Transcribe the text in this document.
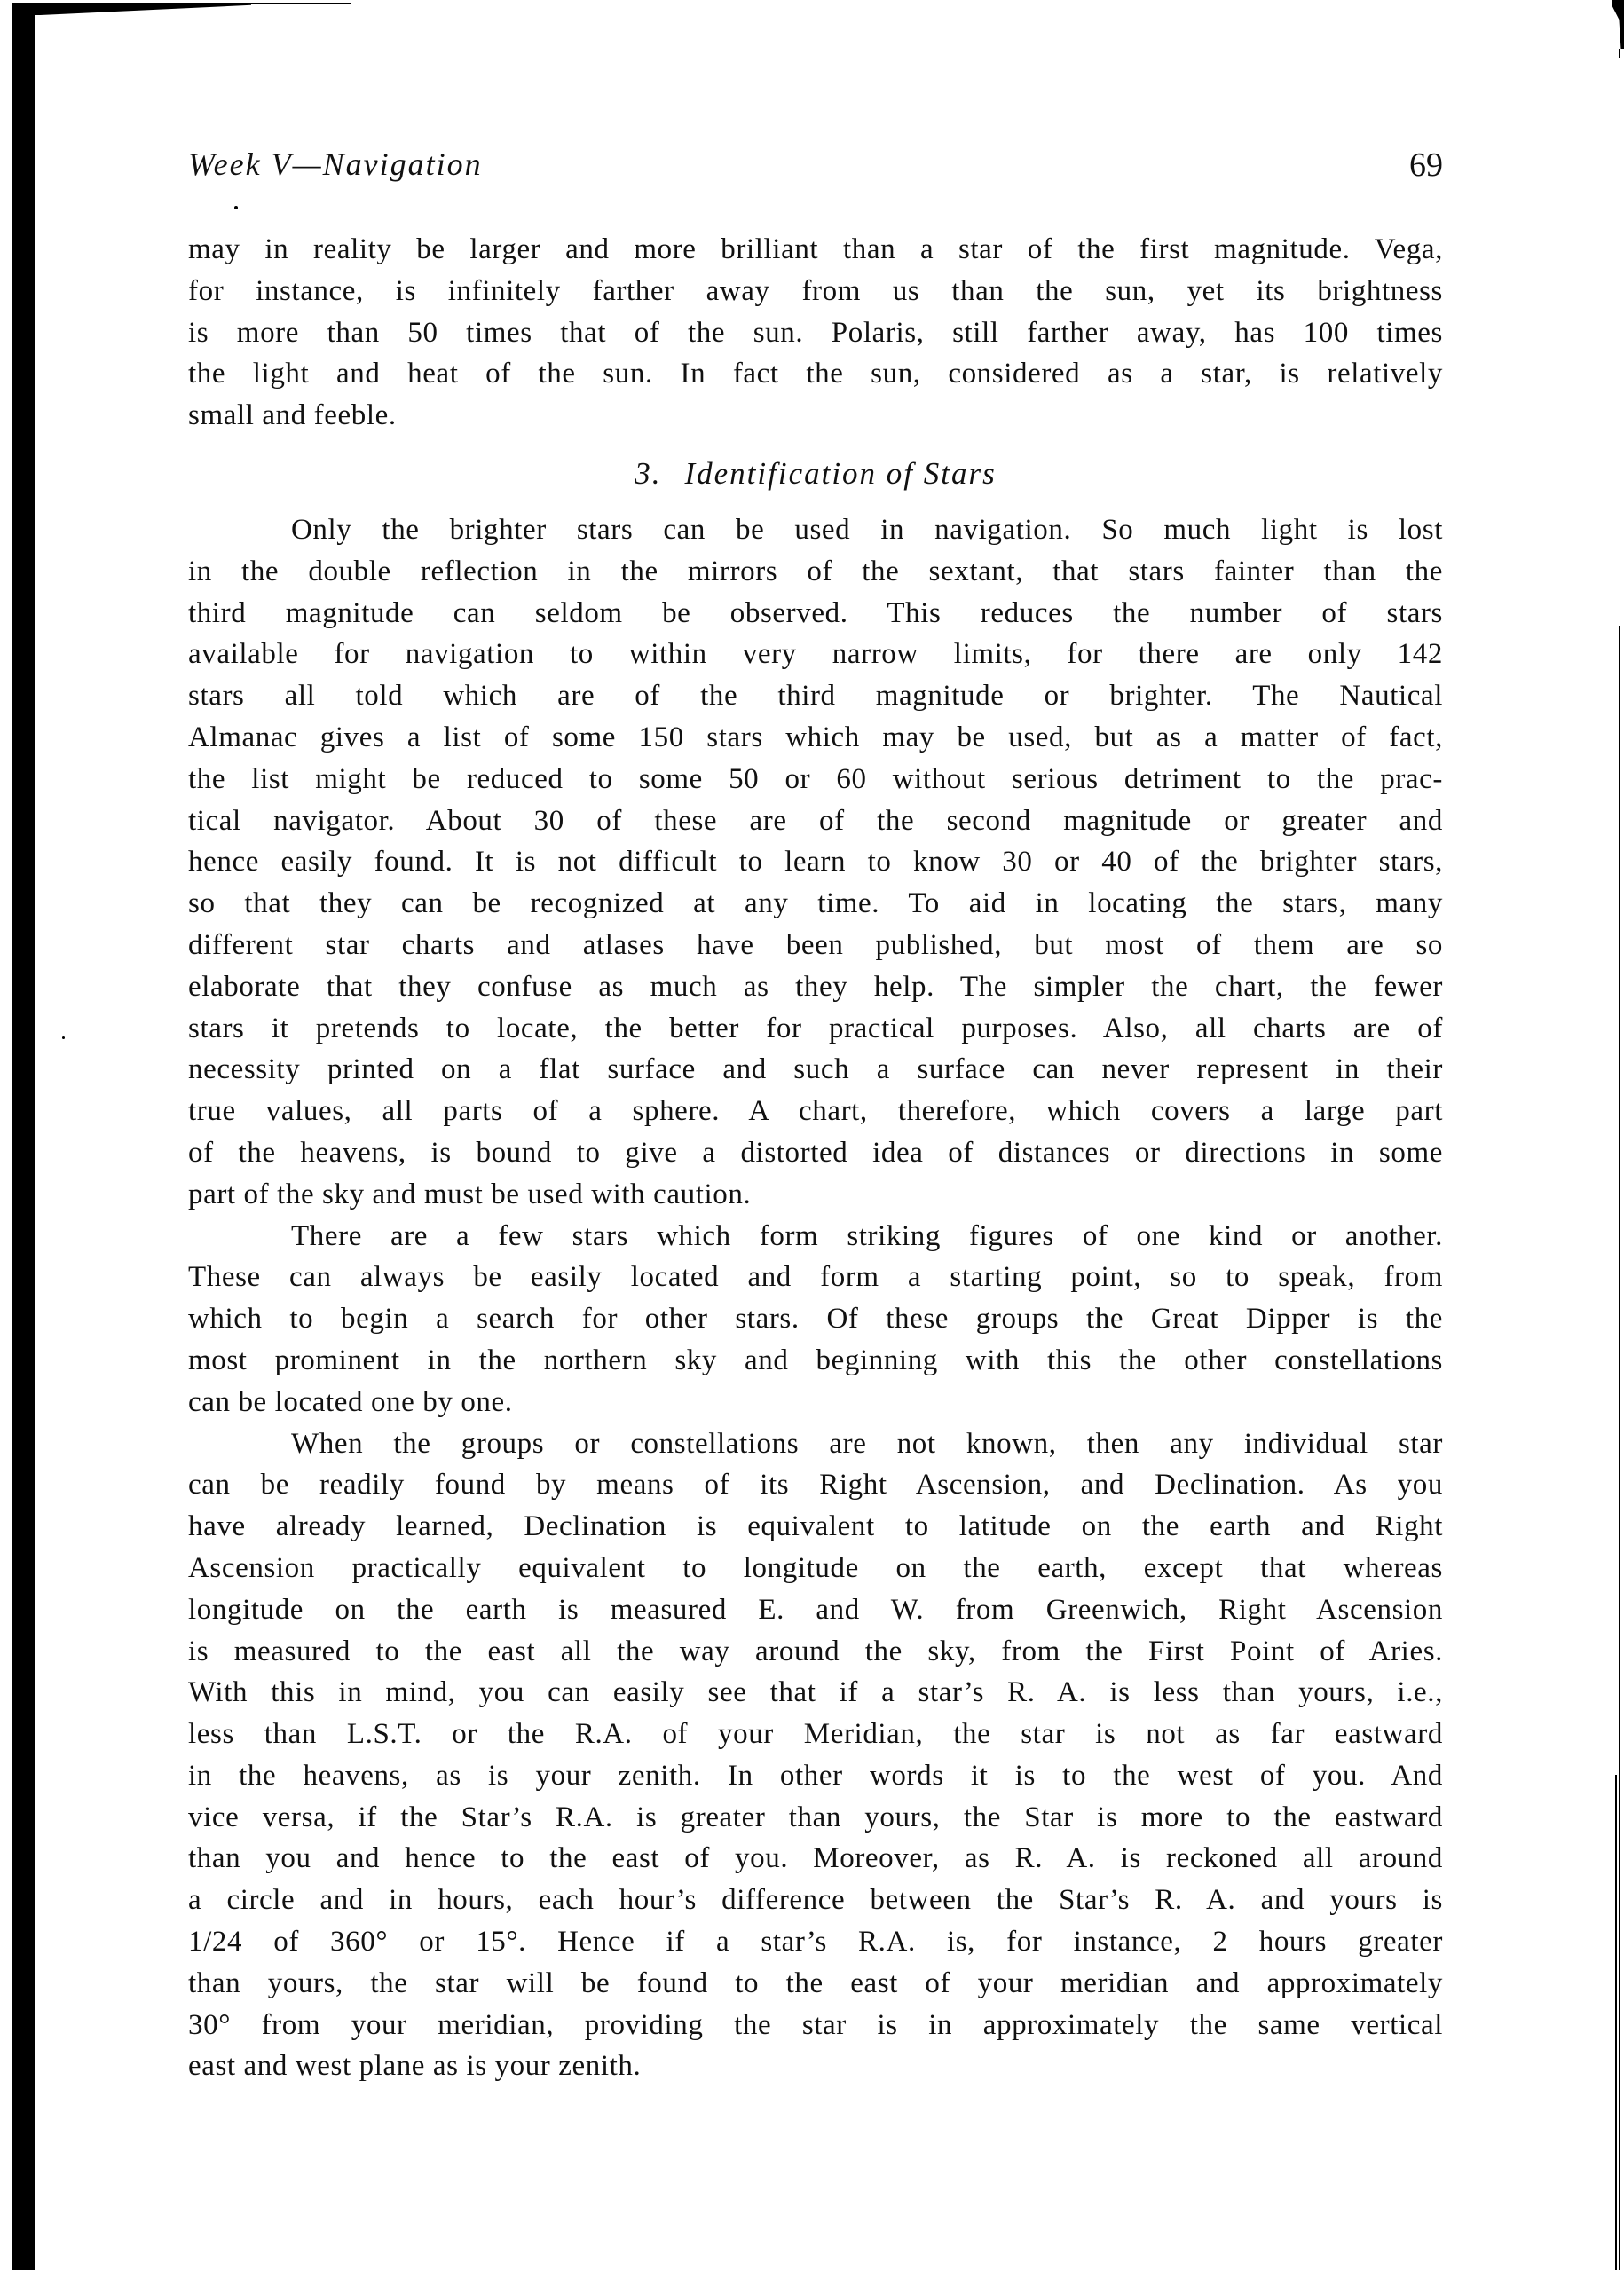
Week V—Navigation	69
may in reality be larger and more brilliant than a star of the first magnitude. Vega,
for instance, is infinitely farther away from us than the sun, yet its brightness
is more than 50 times that of the sun. Polaris, still farther away, has 100 times
the light and heat of the sun. In fact the sun, considered as a star, is relatively
small and feeble.
3. Identification of Stars
Only the brighter stars can be used in navigation. So much light is lost
in the double reflection in the mirrors of the sextant, that stars fainter than the
third magnitude can seldom be observed. This reduces the number of stars
available for navigation to within very narrow limits, for there are only 142
stars all told which are of the third magnitude or brighter. The Nautical
Almanac gives a list of some 150 stars which may be used, but as a matter of fact,
the list might be reduced to some 50 or 60 without serious detriment to the prac-
tical navigator. About 30 of these are of the second magnitude or greater and
hence easily found. It is not difficult to learn to know 30 or 40 of the brighter stars,
so that they can be recognized at any time. To aid in locating the stars, many
different star charts and atlases have been published, but most of them are so
elaborate that they confuse as much as they help. The simpler the chart, the fewer
stars it pretends to locate, the better for practical purposes. Also, all charts are of
necessity printed on a flat surface and such a surface can never represent in their
true values, all parts of a sphere. A chart, therefore, which covers a large part
of the heavens, is bound to give a distorted idea of distances or directions in some
part of the sky and must be used with caution.
There are a few stars which form striking figures of one kind or another.
These can always be easily located and form a starting point, so to speak, from
which to begin a search for other stars. Of these groups the Great Dipper is the
most prominent in the northern sky and beginning with this the other constellations
can be located one by one.
When the groups or constellations are not known, then any individual star
can be readily found by means of its Right Ascension, and Declination. As you
have already learned, Declination is equivalent to latitude on the earth and Right
Ascension practically equivalent to longitude on the earth, except that whereas
longitude on the earth is measured E. and W. from Greenwich, Right Ascension
is measured to the east all the way around the sky, from the First Point of Aries.
With this in mind, you can easily see that if a star’s R. A. is less than yours, i.e.,
less than L.S.T. or the R.A. of your Meridian, the star is not as far eastward
in the heavens, as is your zenith. In other words it is to the west of you. And
vice versa, if the Star’s R.A. is greater than yours, the Star is more to the eastward
than you and hence to the east of you. Moreover, as R. A. is reckoned all around
a circle and in hours, each hour’s difference between the Star’s R. A. and yours is
1/24 of 360° or 15°. Hence if a star’s R.A. is, for instance, 2 hours greater
than yours, the star will be found to the east of your meridian and approximately
30° from your meridian, providing the star is in approximately the same vertical
east and west plane as is your zenith.
